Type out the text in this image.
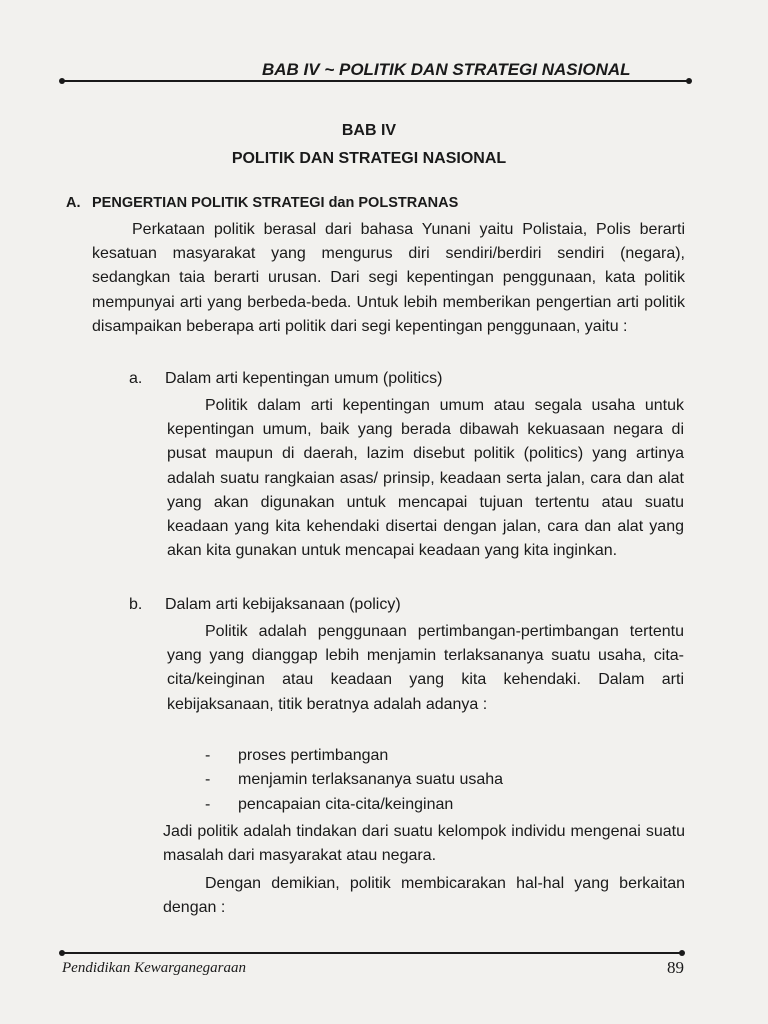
BAB IV ~ POLITIK DAN STRATEGI NASIONAL
BAB IV
POLITIK DAN STRATEGI NASIONAL
A. PENGERTIAN POLITIK STRATEGI dan POLSTRANAS
Perkataan politik berasal dari bahasa Yunani yaitu Polistaia, Polis berarti kesatuan masyarakat yang mengurus diri sendiri/berdiri sendiri (negara), sedangkan taia berarti urusan. Dari segi kepentingan penggunaan, kata politik mempunyai arti yang berbeda-beda. Untuk lebih memberikan pengertian arti politik disampaikan beberapa arti politik dari segi kepentingan penggunaan, yaitu :
a. Dalam arti kepentingan umum (politics)
Politik dalam arti kepentingan umum atau segala usaha untuk kepentingan umum, baik yang berada dibawah kekuasaan negara di pusat maupun di daerah, lazim disebut politik (politics) yang artinya adalah suatu rangkaian asas/ prinsip, keadaan serta jalan, cara dan alat yang akan digunakan untuk mencapai tujuan tertentu atau suatu keadaan yang kita kehendaki disertai dengan jalan, cara dan alat yang akan kita gunakan untuk mencapai keadaan yang kita inginkan.
b. Dalam arti kebijaksanaan (policy)
Politik adalah penggunaan pertimbangan-pertimbangan tertentu yang yang dianggap lebih menjamin terlaksananya suatu usaha, cita-cita/keinginan atau keadaan yang kita kehendaki. Dalam arti kebijaksanaan, titik beratnya adalah adanya :
- proses pertimbangan
- menjamin terlaksananya suatu usaha
- pencapaian cita-cita/keinginan
Jadi politik adalah tindakan dari suatu kelompok individu mengenai suatu masalah dari masyarakat atau negara.
Dengan demikian, politik membicarakan hal-hal yang berkaitan dengan :
Pendidikan Kewarganegaraan	89
